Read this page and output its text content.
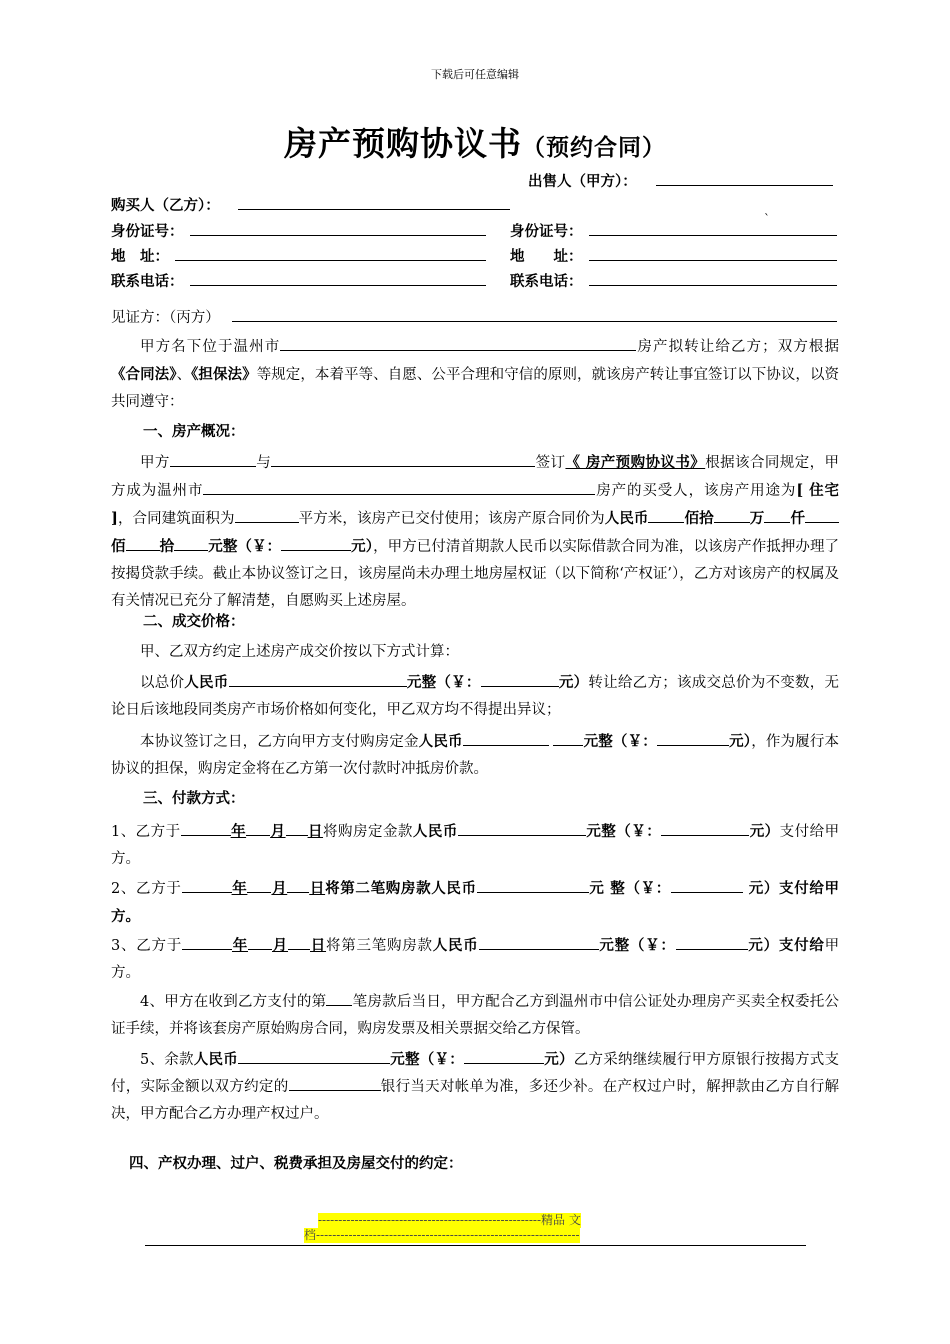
下载后可任意编辑
房产预购协议书（预约合同）
出售人（甲方）：
购买人（乙方）：
身份证号：	身份证号：
`
地　址：	地　　址：
联系电话：	联系电话：
见证方：（丙方）
甲方名下位于温州市	房产拟转让给乙方；双方根据《合同法》、《担保法》等规定，本着平等、自愿、公平合理和守信的原则，就该房产转让事宜签订以下协议，以资共同遵守：
一、房产概况：
甲方	与	签订《 房产预购协议书》根据该合同规定，甲方成为温州市	房产的买受人，该房产用途为[ 住宅 ]，合同建筑面积为	平方米，该房产已交付使用；该房产原合同价为人民币 佰拾 万 仟佰 拾 元整（￥：	元），甲方已付清首期款人民币以实际借款合同为准，以该房产作抵押办理了按揭贷款手续。截止本协议签订之日，该房屋尚未办理土地房屋权证（以下简称‘产权证’），乙方对该房产的权属及有关情况已充分了解清楚，自愿购买上述房屋。
二、成交价格：
甲、乙双方约定上述房产成交价按以下方式计算：
以总价人民币	元整（￥：	元）转让给乙方；该成交总价为不变数，无论日后该地段同类房产市场价格如何变化，甲乙双方均不得提出异议；
本协议签订之日，乙方向甲方支付购房定金人民币	元整（￥：	元），作为履行本协议的担保，购房定金将在乙方第一次付款时冲抵房价款。
三、付款方式：
1、乙方于	年 月 日将购房定金款人民币	元整（￥：	元）支付给甲方。
2、乙方于	年 月 日将第二笔购房款人民币	元 整（￥：	元）支付给甲方。
3、乙方于	年 月 日将第三笔购房款人民币	元整（￥：	元）支付给甲方。
4、甲方在收到乙方支付的第 笔房款后当日，甲方配合乙方到温州市中信公证处办理房产买卖全权委托公证手续，并将该套房产原始购房合同，购房发票及相关票据交给乙方保管。
5、余款人民币	元整（￥：	元）乙方采纳继续履行甲方原银行按揭方式支付，实际金额以双方约定的	银行当天对帐单为准，多还少补。在产权过户时，解押款由乙方自行解决，甲方配合乙方办理产权过户。
四、产权办理、过户、税费承担及房屋交付的约定：
-------------------------------------------------------精品 文
档-----------------------------------------------------------------
